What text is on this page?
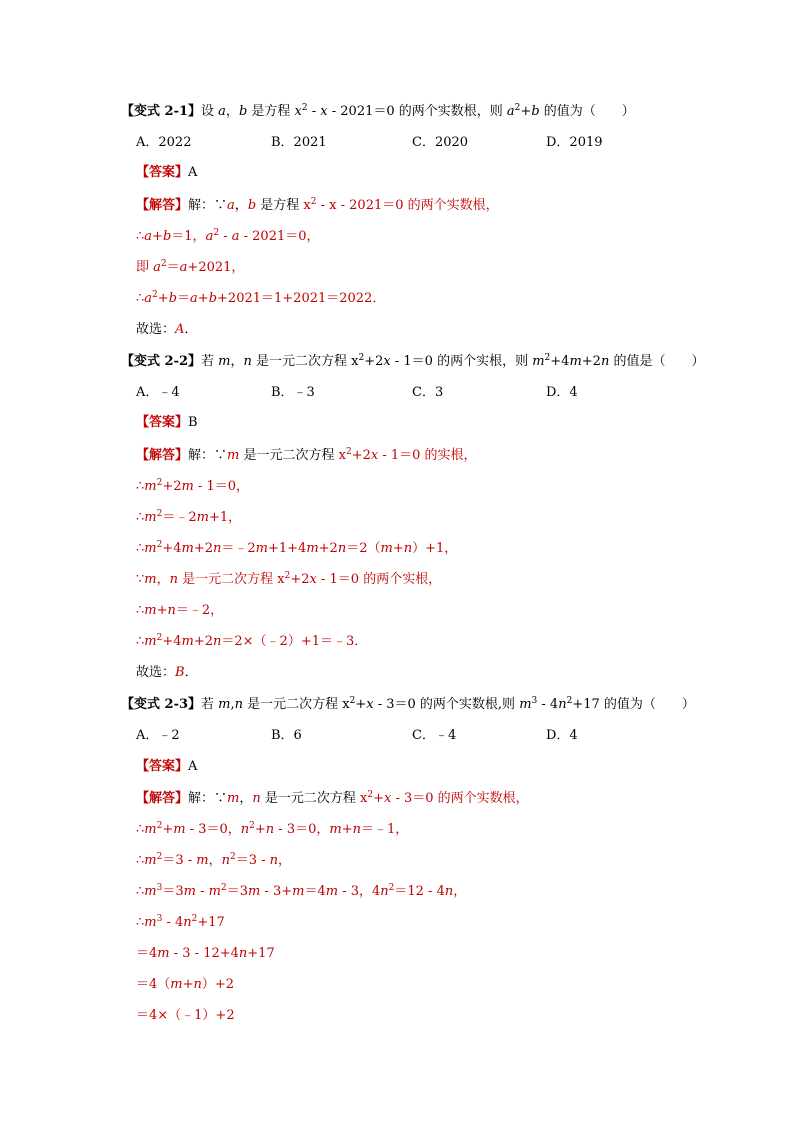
【变式 2-1】设 a，b 是方程 $x^2 - x - 2021=0$ 的两个实数根，则 $a^2+b$ 的值为（ ）
A．2022	B．2021	C．2020	D．2019
【答案】A
【解答】解：∵a，b 是方程 $x^2 - x - 2021=0$ 的两个实数根，
∴a+b＝1，$a^2 - a - 2021=0$，
即 $a^2=a+2021$，
$\therefore a^2+b=a+b+2021=1+2021=2022$．
故选：A．
【变式 2-2】若 m，n 是一元二次方程 $x^2+2x - 1=0$ 的两个实根，则 $m^2+4m+2n$ 的值是（ ）
A．﹣4	B．﹣3	C．3	D．4
【答案】B
【解答】解：∵m 是一元二次方程 $x^2+2x - 1=0$ 的实根，
$\therefore m^2+2m - 1=0$，
$\therefore m^2=﹣2m+1$，
$\therefore m^2+4m+2n=﹣2m+1+4m+2n=2(m+n)+1$，
∵m，n 是一元二次方程 $x^2+2x - 1=0$ 的两个实根，
∴m+n＝﹣2，
$\therefore m^2+4m+2n=2\times(﹣2)+1=﹣3$．
故选：B．
【变式 2-3】若 m,n 是一元二次方程 $x^2+x - 3=0$ 的两个实数根,则 $m^3 - 4n^2+17$ 的值为（ ）
A．﹣2	B．6	C．﹣4	D．4
【答案】A
【解答】解：∵m，n 是一元二次方程 $x^2+x - 3=0$ 的两个实数根，
$\therefore m^2+m - 3=0$，$n^2+n - 3=0$，m+n＝﹣1，
$\therefore m^2=3 - m$，$n^2=3 - n$，
$\therefore m^3=3m - m^2=3m - 3+m=4m - 3$，$4n^2=12 - 4n$，
$\therefore m^3 - 4n^2+17$
＝4m - 3 - 12+4n+17
＝4（m+n）+2
＝4×（﹣1）+2
